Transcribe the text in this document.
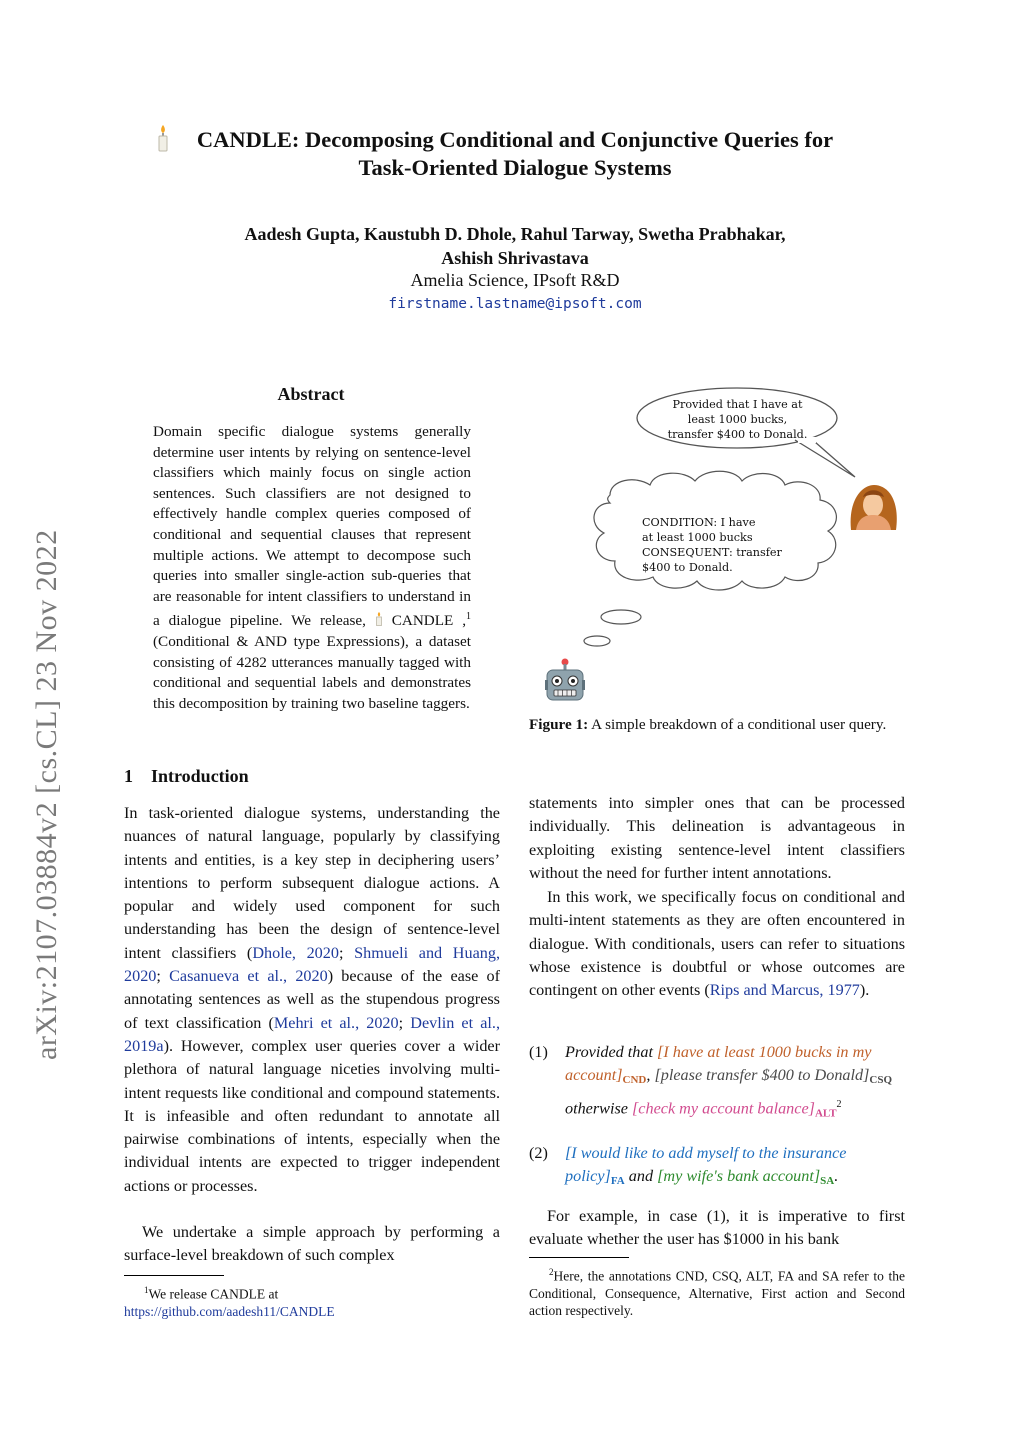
arXiv:2107.03884v2 [cs.CL] 23 Nov 2022
CANDLE: Decomposing Conditional and Conjunctive Queries for
Task-Oriented Dialogue Systems
Aadesh Gupta, Kaustubh D. Dhole, Rahul Tarway, Swetha Prabhakar,
Ashish Shrivastava
Amelia Science, IPsoft R&D
firstname.lastname@ipsoft.com
Abstract
Domain specific dialogue systems generally determine user intents by relying on sentence-level classifiers which mainly focus on single action sentences. Such classifiers are not designed to effectively handle complex queries composed of conditional and sequential clauses that represent multiple actions. We attempt to decompose such queries into smaller single-action sub-queries that are reasonable for intent classifiers to understand in a dialogue pipeline. We release, CANDLE ,$^1$ (Conditional & AND type Expressions), a dataset consisting of 4282 utterances manually tagged with conditional and sequential labels and demonstrates this decomposition by training two baseline taggers.
1 Introduction
In task-oriented dialogue systems, understanding the nuances of natural language, popularly by classifying intents and entities, is a key step in deciphering users’ intentions to perform subsequent dialogue actions. A popular and widely used component for such understanding has been the design of sentence-level intent classifiers (Dhole, 2020; Shmueli and Huang, 2020; Casanueva et al., 2020) because of the ease of annotating sentences as well as the stupendous progress of text classification (Mehri et al., 2020; Devlin et al., 2019a). However, complex user queries cover a wider plethora of natural language niceties involving multi-intent requests like conditional and compound statements. It is infeasible and often redundant to annotate all pairwise combinations of intents, especially when the individual intents are expected to trigger independent actions or processes.
We undertake a simple approach by performing a surface-level breakdown of such complex
$^1$We release CANDLE at
https://github.com/aadesh11/CANDLE
Provided that I have at
least 1000 bucks,
transfer $400 to Donald.
CONDITION: I have
at least 1000 bucks
CONSEQUENT: transfer
$400 to Donald.
Figure 1: A simple breakdown of a conditional user query.
statements into simpler ones that can be processed individually. This delineation is advantageous in exploiting existing sentence-level intent classifiers without the need for further intent annotations.
In this work, we specifically focus on conditional and multi-intent statements as they are often encountered in dialogue. With conditionals, users can refer to situations whose existence is doubtful or whose outcomes are contingent on other events (Rips and Marcus, 1977).
(1) Provided that [I have at least 1000 bucks in my $account]_{CND}$, [please transfer $400 to $Donald]_{CSQ}$ otherwise [check my account $balance]_{ALT}^2$
(2) [I would like to add myself to the insurance $policy]_{FA}$ and [my wife's bank $account]_{SA}$.
For example, in case (1), it is imperative to first evaluate whether the user has $1000 in his bank
$^2$Here, the annotations CND, CSQ, ALT, FA and SA refer to the Conditional, Consequence, Alternative, First action and Second action respectively.
